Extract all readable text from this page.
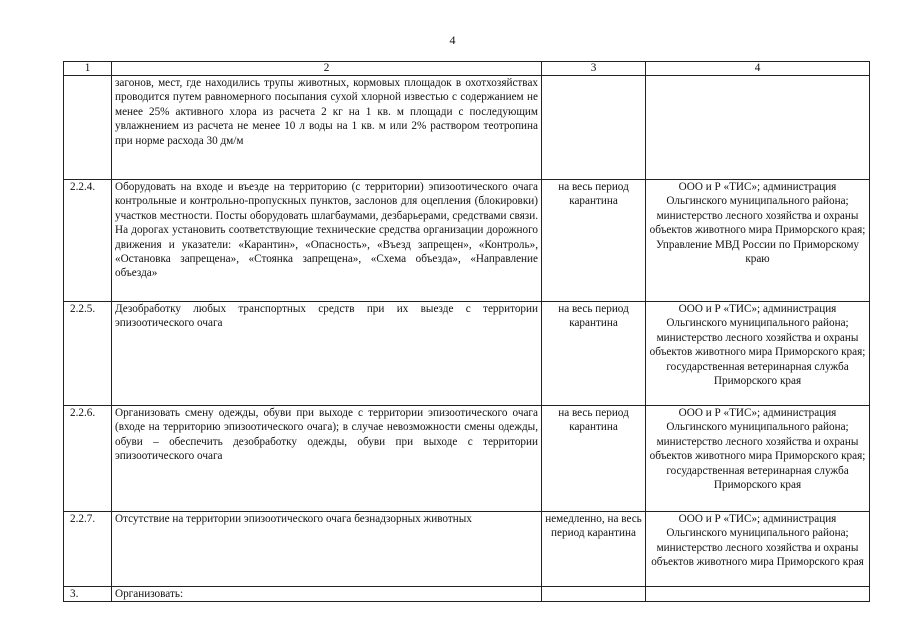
4
1	2	3	4
	загонов, мест, где находились трупы животных, кормовых площадок в охотхозяйствах проводится путем равномерного посыпания сухой хлорной известью с содержанием не менее 25% активного хлора из расчета 2 кг на 1 кв. м площади с последующим увлажнением из расчета не менее 10 л воды на 1 кв. м или 2% раствором теотропина при норме расхода 30 дм/м		
2.2.4.	Оборудовать на входе и въезде на территорию (с территории) эпизоотического очага контрольные и контрольно-пропускных пунктов, заслонов для оцепления (блокировки) участков местности. Посты оборудовать шлагбаумами, дезбарьерами, средствами связи. На дорогах установить соответствующие технические средства организации дорожного движения и указатели: «Карантин», «Опасность», «Въезд запрещен», «Контроль», «Остановка запрещена», «Стоянка запрещена», «Схема объезда», «Направление объезда»	на весь период карантина	ООО и Р «ТИС»; администрация Ольгинского муниципального района; министерство лесного хозяйства и охраны объектов животного мира Приморского края; Управление МВД России по Приморскому краю
2.2.5.	Дезобработку любых транспортных средств при их выезде с территории эпизоотического очага	на весь период карантина	ООО и Р «ТИС»; администрация Ольгинского муниципального района; министерство лесного хозяйства и охраны объектов животного мира Приморского края; государственная ветеринарная служба Приморского края
2.2.6.	Организовать смену одежды, обуви при выходе с территории эпизоотического очага (входе на территорию эпизоотического очага); в случае невозможности смены одежды, обуви – обеспечить дезобработку одежды, обуви при выходе с территории эпизоотического очага	на весь период карантина	ООО и Р «ТИС»; администрация Ольгинского муниципального района; министерство лесного хозяйства и охраны объектов животного мира Приморского края; государственная ветеринарная служба Приморского края
2.2.7.	Отсутствие на территории эпизоотического очага безнадзорных животных	немедленно, на весь период карантина	ООО и Р «ТИС»; администрация Ольгинского муниципального района; министерство лесного хозяйства и охраны объектов животного мира Приморского края
3.	Организовать:		
